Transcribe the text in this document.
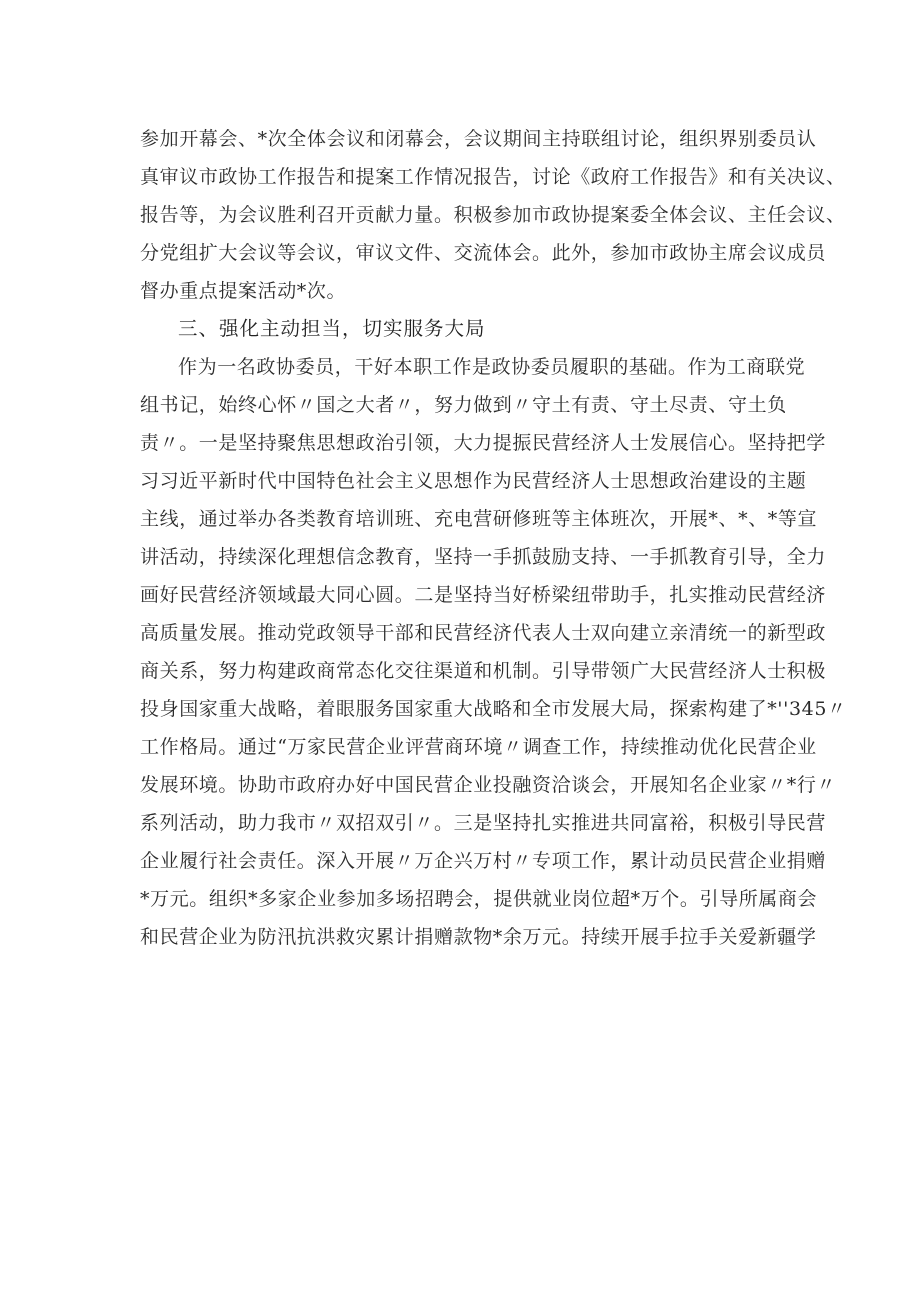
参加开幕会、*次全体会议和闭幕会，会议期间主持联组讨论，组织界别委员认
真审议市政协工作报告和提案工作情况报告，讨论《政府工作报告》和有关决议、
报告等，为会议胜利召开贡献力量。积极参加市政协提案委全体会议、主任会议、
分党组扩大会议等会议，审议文件、交流体会。此外，参加市政协主席会议成员
督办重点提案活动*次。
三、强化主动担当，切实服务大局
作为一名政协委员，干好本职工作是政协委员履职的基础。作为工商联党
组书记，始终心怀〃国之大者〃，努力做到〃守土有责、守土尽责、守土负
责〃。一是坚持聚焦思想政治引领，大力提振民营经济人士发展信心。坚持把学
习习近平新时代中国特色社会主义思想作为民营经济人士思想政治建设的主题
主线，通过举办各类教育培训班、充电营研修班等主体班次，开展*、*、*等宣
讲活动，持续深化理想信念教育，坚持一手抓鼓励支持、一手抓教育引导，全力
画好民营经济领域最大同心圆。二是坚持当好桥梁纽带助手，扎实推动民营经济
高质量发展。推动党政领导干部和民营经济代表人士双向建立亲清统一的新型政
商关系，努力构建政商常态化交往渠道和机制。引导带领广大民营经济人士积极
投身国家重大战略，着眼服务国家重大战略和全市发展大局，探索构建了*''345〃
工作格局。通过“万家民营企业评营商环境〃调查工作，持续推动优化民营企业
发展环境。协助市政府办好中国民营企业投融资洽谈会，开展知名企业家〃*行〃
系列活动，助力我市〃双招双引〃。三是坚持扎实推进共同富裕，积极引导民营
企业履行社会责任。深入开展〃万企兴万村〃专项工作，累计动员民营企业捐赠
*万元。组织*多家企业参加多场招聘会，提供就业岗位超*万个。引导所属商会
和民营企业为防汛抗洪救灾累计捐赠款物*余万元。持续开展手拉手关爱新疆学
